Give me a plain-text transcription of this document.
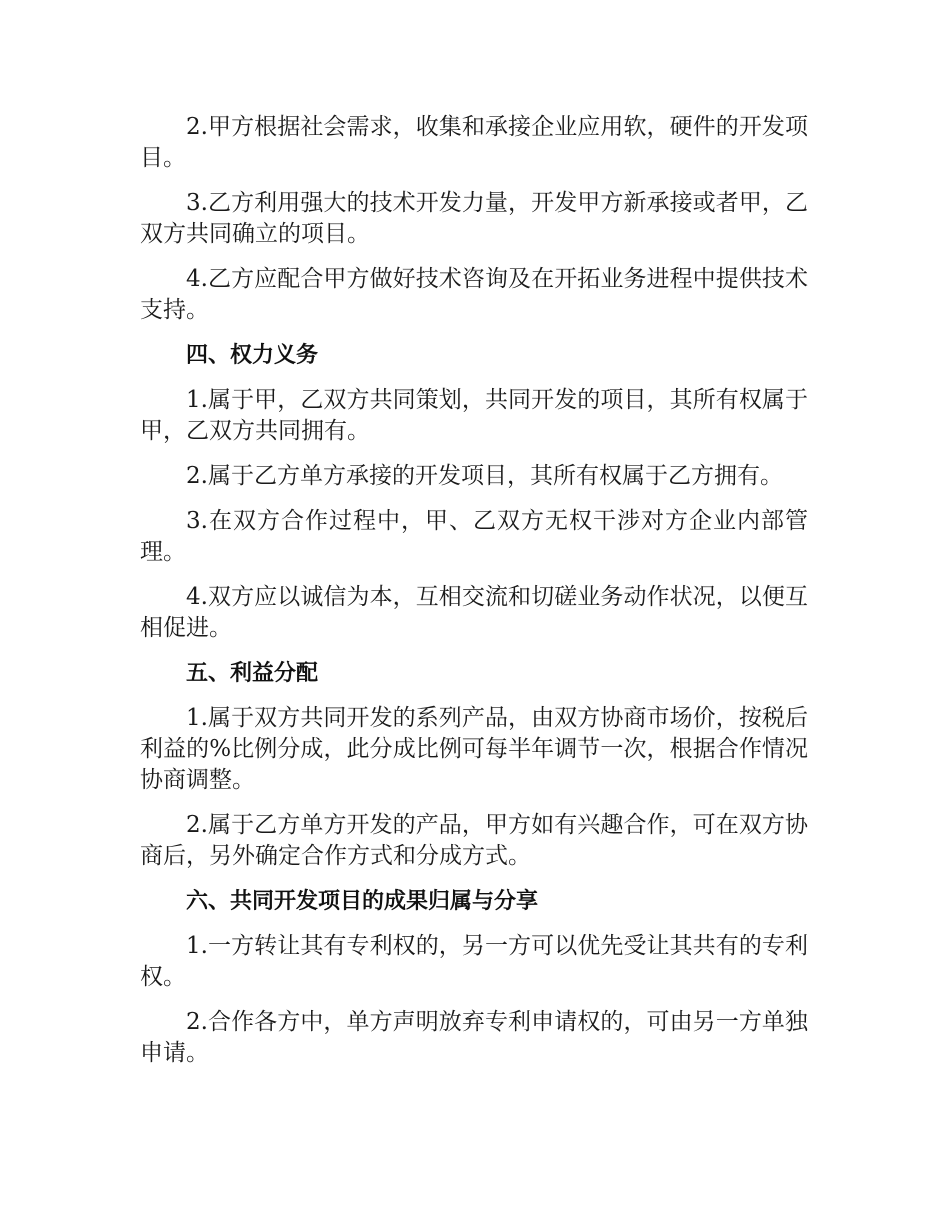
2.甲方根据社会需求，收集和承接企业应用软，硬件的开发项目。

3.乙方利用强大的技术开发力量，开发甲方新承接或者甲，乙双方共同确立的项目。

4.乙方应配合甲方做好技术咨询及在开拓业务进程中提供技术支持。

四、权力义务

1.属于甲，乙双方共同策划，共同开发的项目，其所有权属于甲，乙双方共同拥有。

2.属于乙方单方承接的开发项目，其所有权属于乙方拥有。

3.在双方合作过程中，甲、乙双方无权干涉对方企业内部管理。

4.双方应以诚信为本，互相交流和切磋业务动作状况，以便互相促进。

五、利益分配

1.属于双方共同开发的系列产品，由双方协商市场价，按税后利益的%比例分成，此分成比例可每半年调节一次，根据合作情况协商调整。

2.属于乙方单方开发的产品，甲方如有兴趣合作，可在双方协商后，另外确定合作方式和分成方式。

六、共同开发项目的成果归属与分享

1.一方转让其有专利权的，另一方可以优先受让其共有的专利权。

2.合作各方中，单方声明放弃专利申请权的，可由另一方单独申请。
